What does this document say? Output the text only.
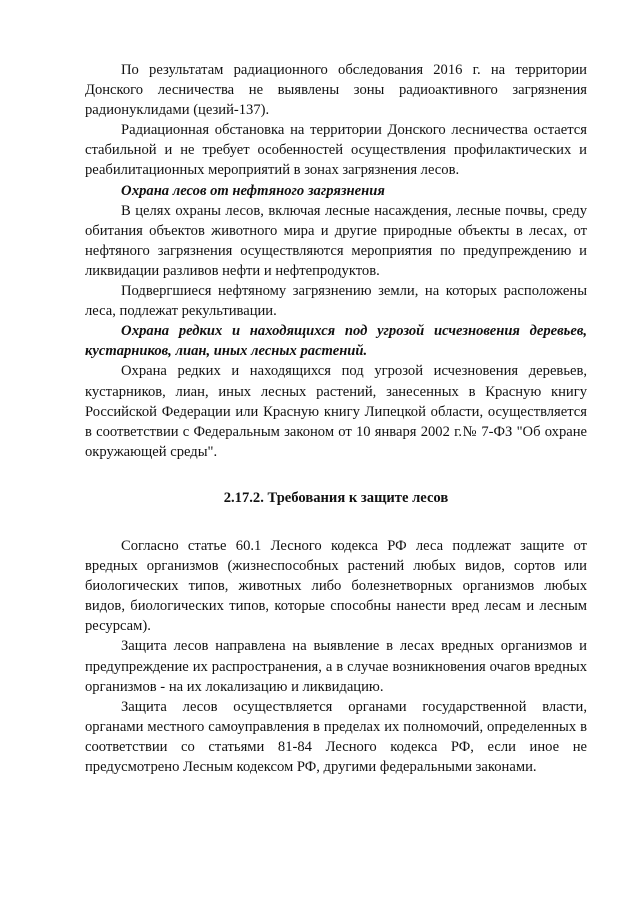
По результатам радиационного обследования 2016 г. на территории Донского лесничества не выявлены зоны радиоактивного загрязнения радионуклидами (цезий-137).

Радиационная обстановка на территории Донского лесничества остается стабильной и не требует особенностей осуществления профилактических и реабилитационных мероприятий в зонах загрязнения лесов.

Охрана лесов от нефтяного загрязнения

В целях охраны лесов, включая лесные насаждения, лесные почвы, среду обитания объектов животного мира и другие природные объекты в лесах, от нефтяного загрязнения осуществляются мероприятия по предупреждению и ликвидации разливов нефти и нефтепродуктов.

Подвергшиеся нефтяному загрязнению земли, на которых расположены леса, подлежат рекультивации.

Охрана редких и находящихся под угрозой исчезновения деревьев, кустарников, лиан, иных лесных растений.

Охрана редких и находящихся под угрозой исчезновения деревьев, кустарников, лиан, иных лесных растений, занесенных в Красную книгу Российской Федерации или Красную книгу Липецкой области, осуществляется в соответствии с Федеральным законом от 10 января 2002 г.№ 7-ФЗ "Об охране окружающей среды".

2.17.2. Требования к защите лесов

Согласно статье 60.1 Лесного кодекса РФ леса подлежат защите от вредных организмов (жизнеспособных растений любых видов, сортов или биологических типов, животных либо болезнетворных организмов любых видов, биологических типов, которые способны нанести вред лесам и лесным ресурсам).

Защита лесов направлена на выявление в лесах вредных организмов и предупреждение их распространения, а в случае возникновения очагов вредных организмов - на их локализацию и ликвидацию.

Защита лесов осуществляется органами государственной власти, органами местного самоуправления в пределах их полномочий, определенных в соответствии со статьями 81-84 Лесного кодекса РФ, если иное не предусмотрено Лесным кодексом РФ, другими федеральными законами.
